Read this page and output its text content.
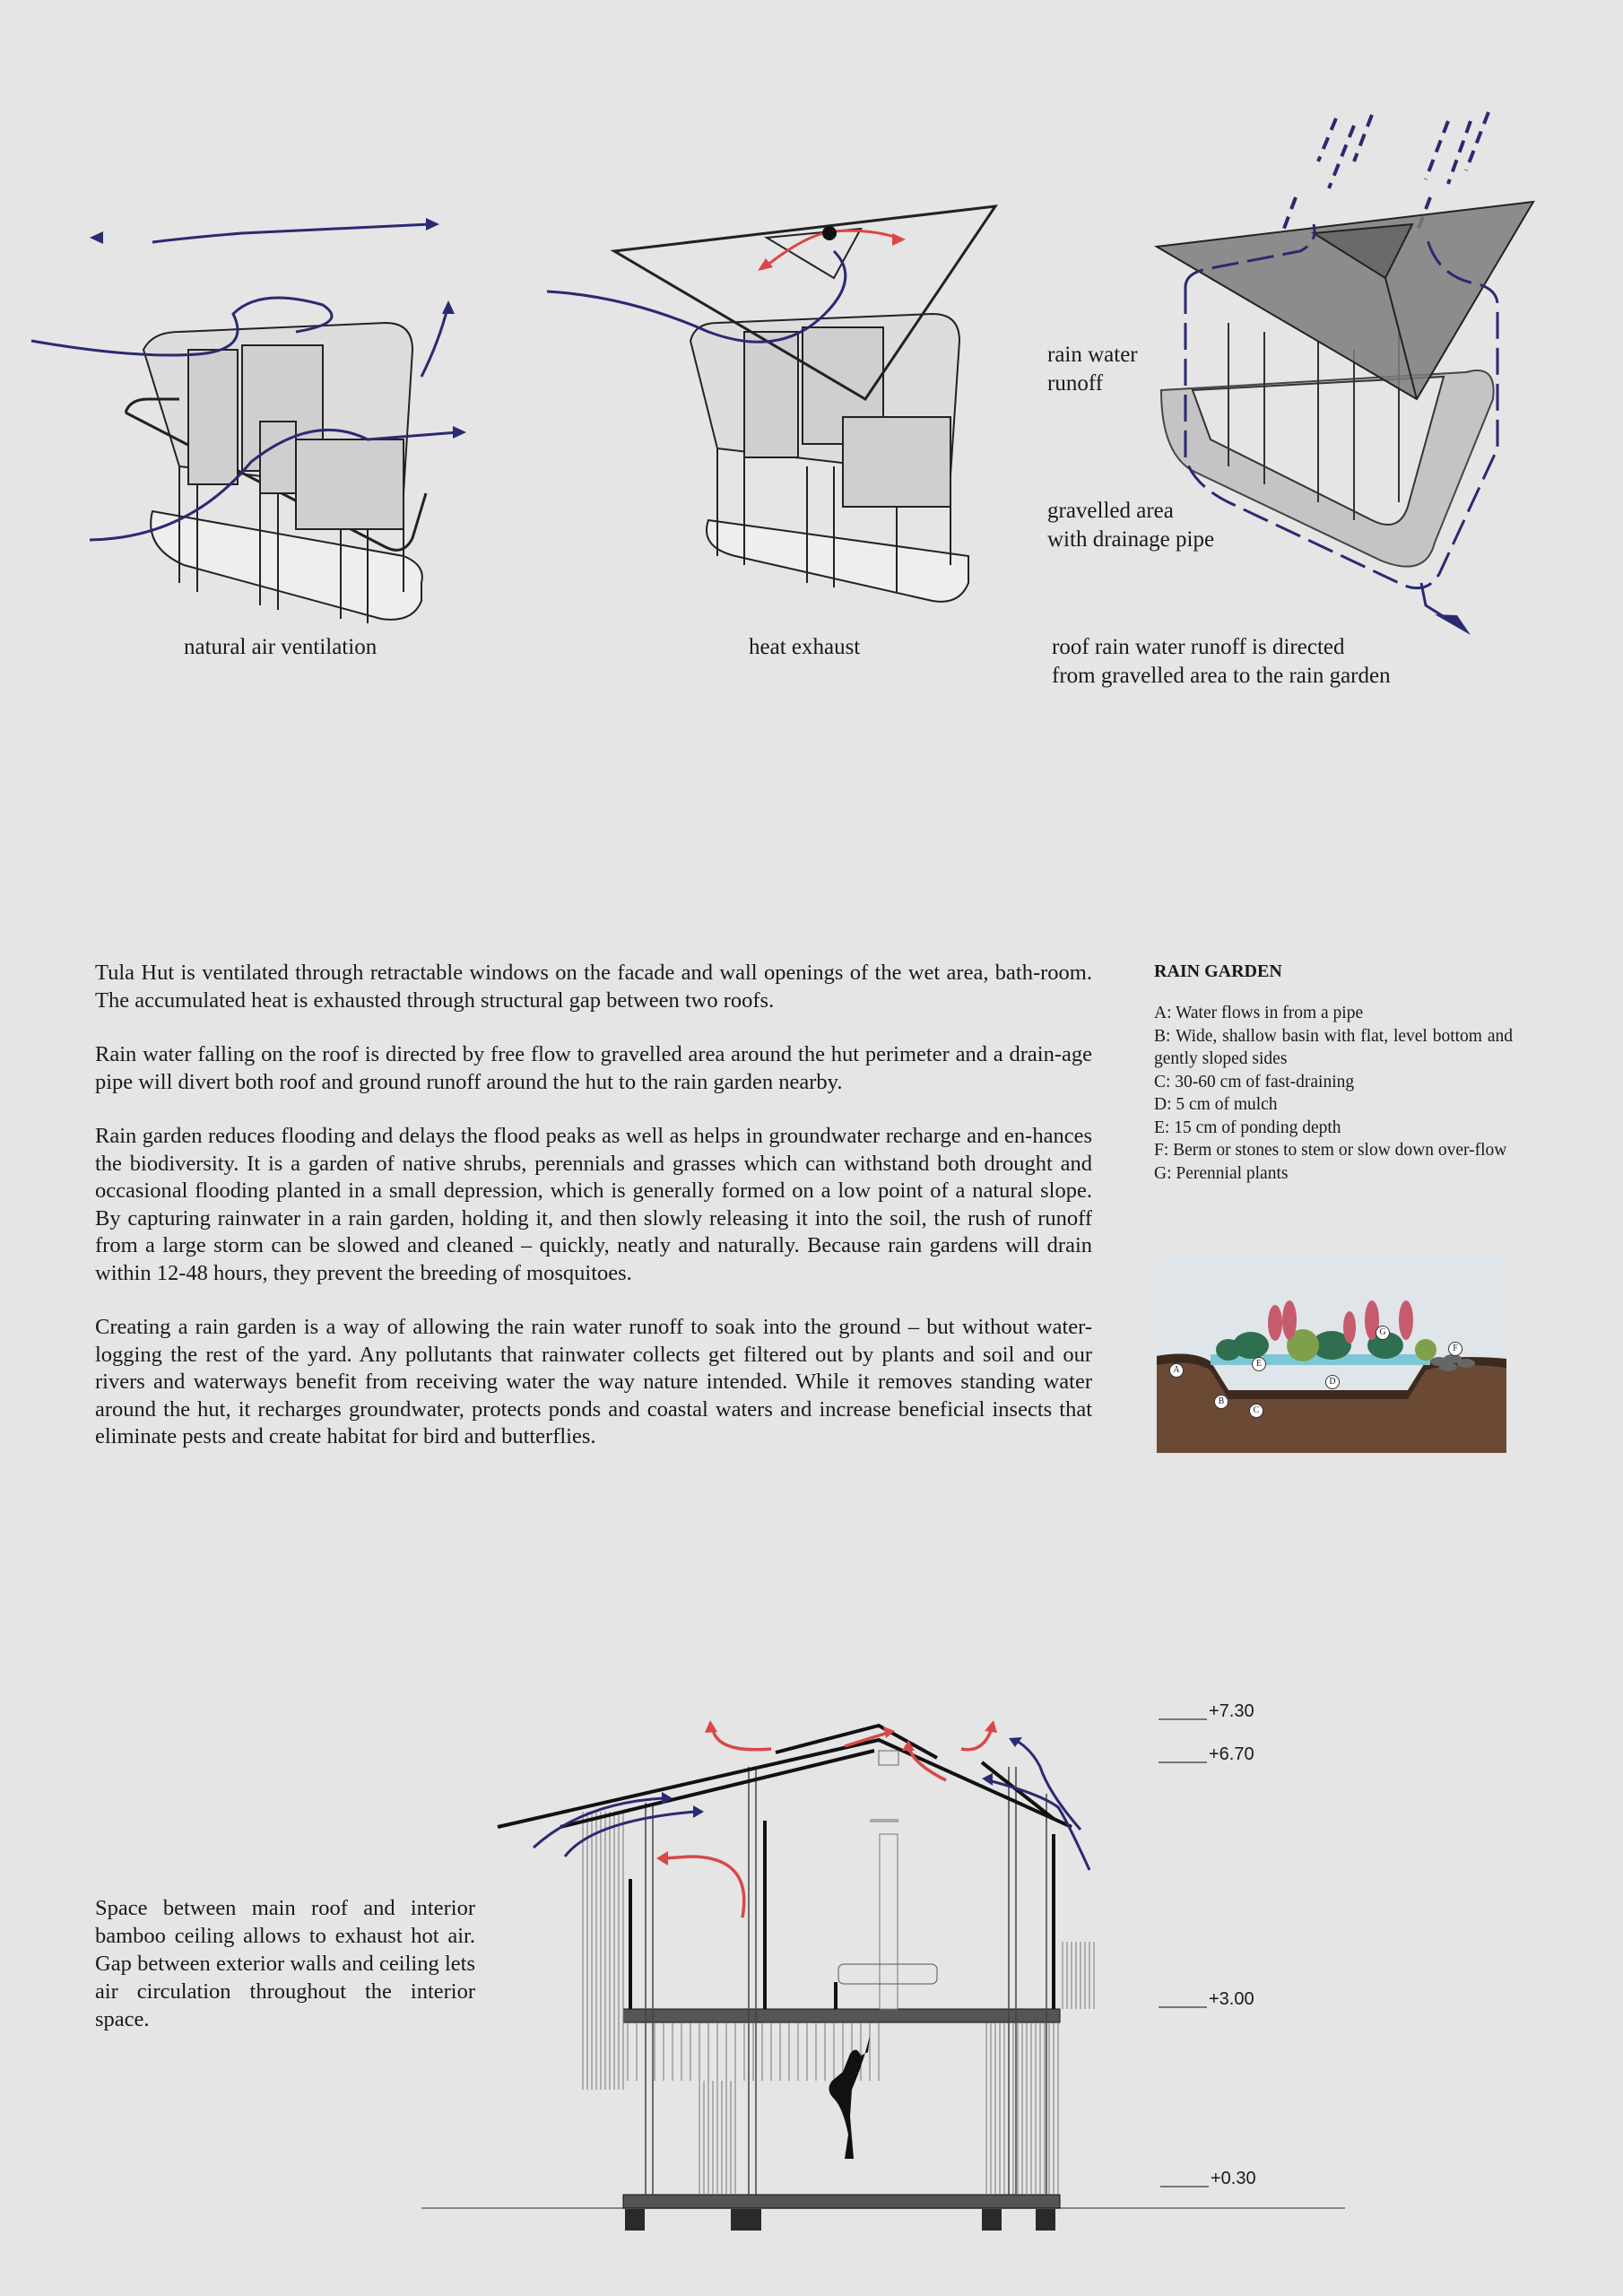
natural air ventilation	heat exhaust
rain water
runoff
gravelled area
with drainage pipe
roof rain water runoff is directed
from gravelled area to the rain garden

Tula Hut is ventilated through retractable windows on the facade and wall openings of the wet area, bath-room. The accumulated heat is exhausted through structural gap between two roofs.

Rain water falling on the roof is directed by free flow to gravelled area around the hut perimeter and a drain-age pipe will divert both roof and ground runoff around the hut to the rain garden nearby.

Rain garden reduces flooding and delays the flood peaks as well as helps in groundwater recharge and en-hances the biodiversity. It is a garden of native shrubs, perennials and grasses which can withstand both drought and occasional flooding planted in a small depression, which is generally formed on a low point of a natural slope. By capturing rainwater in a rain garden, holding it, and then slowly releasing it into the soil, the rush of runoff from a large storm can be slowed and cleaned – quickly, neatly and naturally. Because rain gardens will drain within 12-48 hours, they prevent the breeding of mosquitoes.

Creating a rain garden is a way of allowing the rain water runoff to soak into the ground – but without water-logging the rest of the yard. Any pollutants that rainwater collects get filtered out by plants and soil and our rivers and waterways benefit from receiving water the way nature intended. While it removes standing water around the hut, it recharges groundwater, protects ponds and coastal waters and increase beneficial insects that eliminate pests and create habitat for bird and butterflies.

RAIN GARDEN
A: Water flows in from a pipe
B: Wide, shallow basin with flat, level bottom and gently sloped sides
C: 30-60 cm of fast-draining
D: 5 cm of mulch
E: 15 cm of ponding depth
F: Berm or stones to stem or slow down over-flow
G: Perennial plants
A
B
C
D
E
F
G
Space between main roof and interior bamboo ceiling allows to exhaust hot air. Gap between exterior walls and ceiling lets air circulation throughout the interior space.
+7.30
+6.70
+3.00
+0.30
